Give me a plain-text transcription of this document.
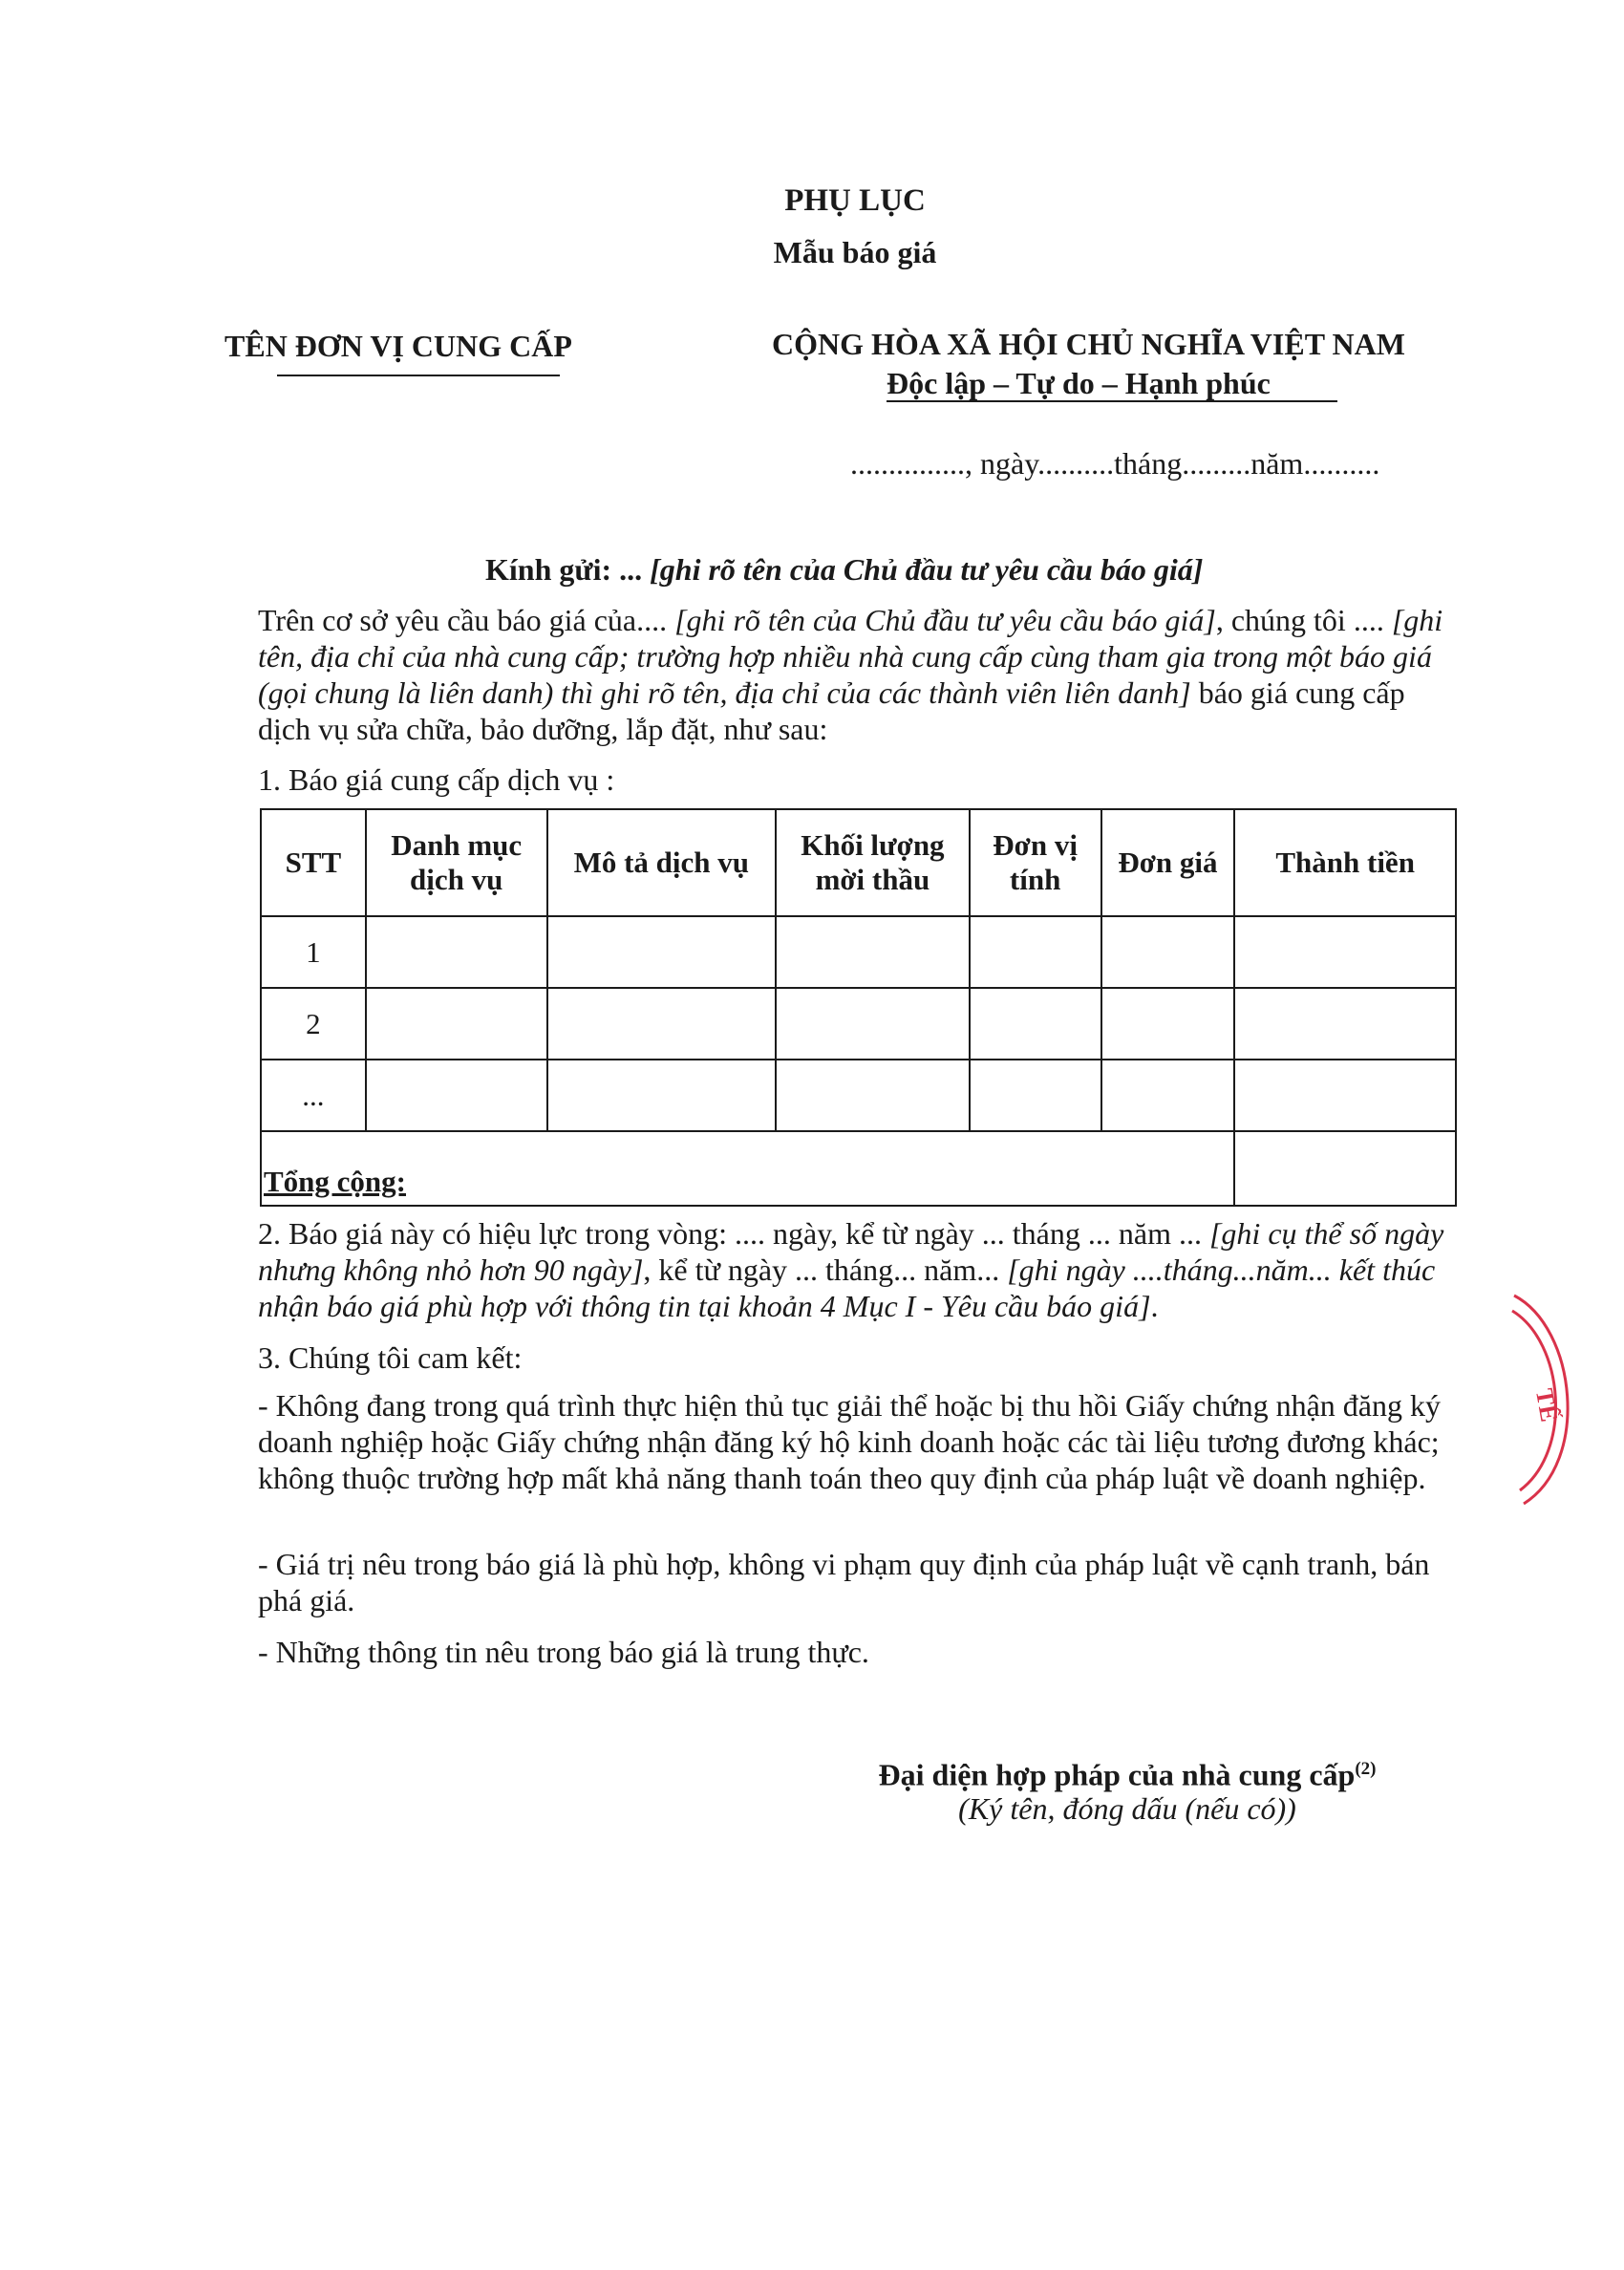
PHỤ LỤC
Mẫu báo giá
TÊN ĐƠN VỊ CUNG CẤP	CỘNG HÒA XÃ HỘI CHỦ NGHĨA VIỆT NAM
Độc lập – Tự do – Hạnh phúc
..............., ngày..........tháng.........năm..........
Kính gửi: ... [ghi rõ tên của Chủ đầu tư yêu cầu báo giá]
Trên cơ sở yêu cầu báo giá của.... [ghi rõ tên của Chủ đầu tư yêu cầu báo giá], chúng tôi .... [ghi tên, địa chỉ của nhà cung cấp; trường hợp nhiều nhà cung cấp cùng tham gia trong một báo giá (gọi chung là liên danh) thì ghi rõ tên, địa chỉ của các thành viên liên danh] báo giá cung cấp dịch vụ sửa chữa, bảo dưỡng, lắp đặt, như sau:
1. Báo giá cung cấp dịch vụ :
STT	Danh mục dịch vụ	Mô tả dịch vụ	Khối lượng mời thầu	Đơn vị tính	Đơn giá	Thành tiền
1						
2						
...						
Tổng cộng:						
2. Báo giá này có hiệu lực trong vòng: .... ngày, kể từ ngày ... tháng ... năm ... [ghi cụ thể số ngày nhưng không nhỏ hơn 90 ngày], kể từ ngày ... tháng... năm... [ghi ngày ....tháng...năm... kết thúc nhận báo giá phù hợp với thông tin tại khoản 4 Mục I - Yêu cầu báo giá].
3. Chúng tôi cam kết:
- Không đang trong quá trình thực hiện thủ tục giải thể hoặc bị thu hồi Giấy chứng nhận đăng ký doanh nghiệp hoặc Giấy chứng nhận đăng ký hộ kinh doanh hoặc các tài liệu tương đương khác; không thuộc trường hợp mất khả năng thanh toán theo quy định của pháp luật về doanh nghiệp.
- Giá trị nêu trong báo giá là phù hợp, không vi phạm quy định của pháp luật về cạnh tranh, bán phá giá.
- Những thông tin nêu trong báo giá là trung thực.
Đại diện hợp pháp của nhà cung cấp$^{(2)}$
(Ký tên, đóng dấu (nếu có))
TẾ
